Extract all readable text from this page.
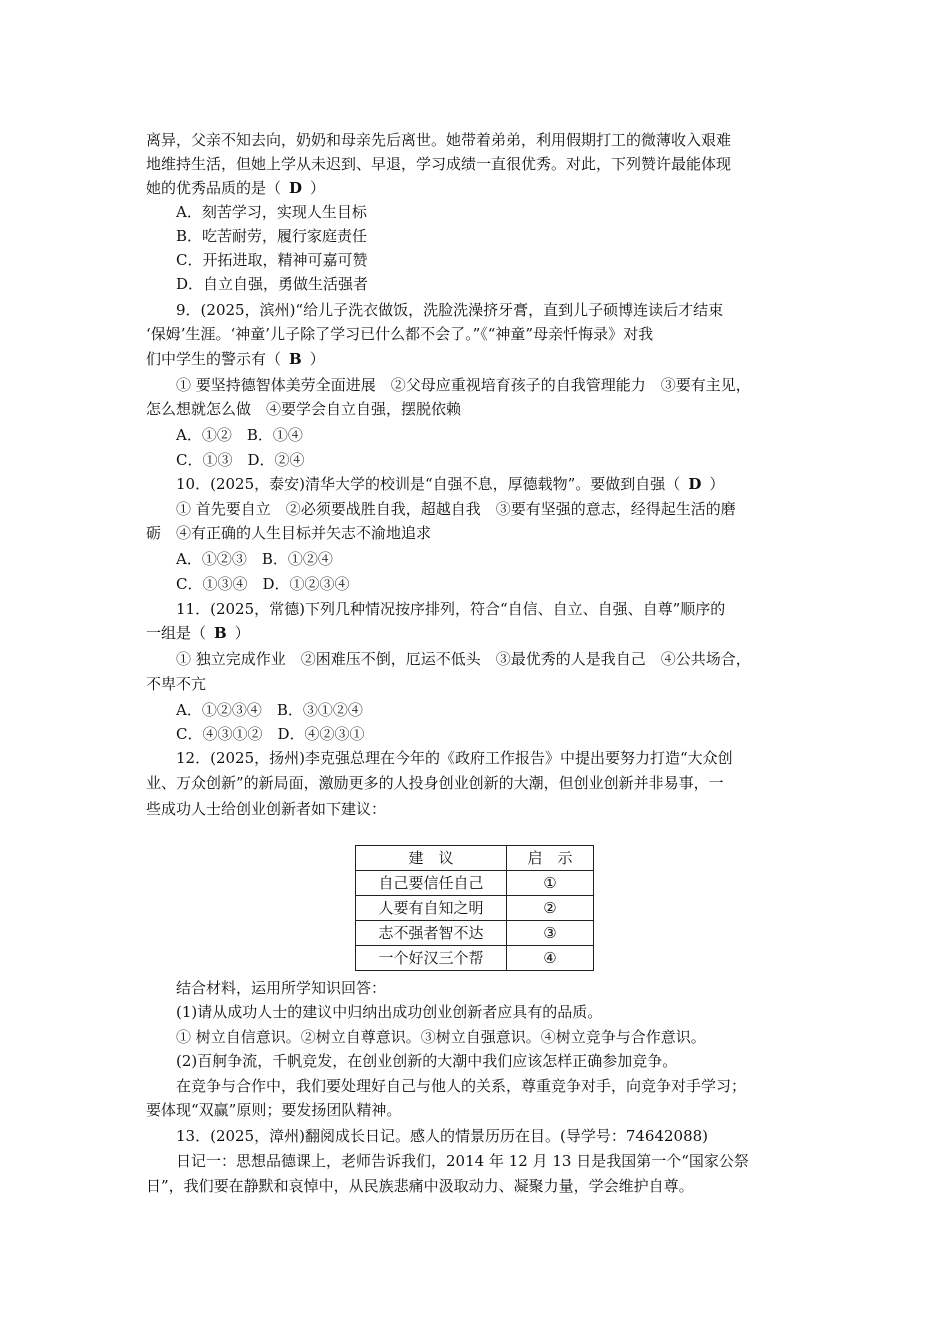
离异，父亲不知去向，奶奶和母亲先后离世。她带着弟弟，利用假期打工的微薄收入艰难

地维持生活，但她上学从未迟到、早退，学习成绩一直很优秀。对此，下列赞许最能体现

她的优秀品质的是（ D ）

A．刻苦学习，实现人生目标

B．吃苦耐劳，履行家庭责任

C．开拓进取，精神可嘉可赞

D．自立自强，勇做生活强者

9．(2025，滨州)“给儿子洗衣做饭，洗脸洗澡挤牙膏，直到儿子硕博连读后才结束

‘保姆’生涯。‘神童’儿子除了学习已什么都不会了。”《“神童”母亲忏悔录》对我

们中学生的警示有（ B ）

① 要坚持德智体美劳全面进展　②父母应重视培育孩子的自我管理能力　③要有主见，

怎么想就怎么做　④要学会自立自强，摆脱依赖

A．①②　B．①④

C．①③　D．②④

10．(2025，泰安)清华大学的校训是“自强不息，厚德载物”。要做到自强（ D ）

① 首先要自立　②必须要战胜自我，超越自我　③要有坚强的意志，经得起生活的磨

砺　④有正确的人生目标并矢志不渝地追求

A．①②③　B．①②④

C．①③④　D．①②③④

11．(2025，常德)下列几种情况按序排列，符合“自信、自立、自强、自尊”顺序的

一组是（ B ）

① 独立完成作业　②困难压不倒，厄运不低头　③最优秀的人是我自己　④公共场合，

不卑不亢

A．①②③④　B．③①②④

C．④③①②　D．④②③①

12．(2025，扬州)李克强总理在今年的《政府工作报告》中提出要努力打造“大众创

业、万众创新”的新局面，激励更多的人投身创业创新的大潮，但创业创新并非易事，一

些成功人士给创业创新者如下建议：

建　议	启　示
自己要信任自己	①
人要有自知之明	②
志不强者智不达	③
一个好汉三个帮	④

结合材料，运用所学知识回答：

(1)请从成功人士的建议中归纳出成功创业创新者应具有的品质。

① 树立自信意识。②树立自尊意识。③树立自强意识。④树立竞争与合作意识。

(2)百舸争流，千帆竞发，在创业创新的大潮中我们应该怎样正确参加竞争。

在竞争与合作中，我们要处理好自己与他人的关系，尊重竞争对手，向竞争对手学习；

要体现“双赢”原则；要发扬团队精神。

13．(2025，漳州)翻阅成长日记。感人的情景历历在目。(导学号：74642088)

日记一：思想品德课上，老师告诉我们，2014 年 12 月 13 日是我国第一个“国家公祭

日”，我们要在静默和哀悼中，从民族悲痛中汲取动力、凝聚力量，学会维护自尊。
